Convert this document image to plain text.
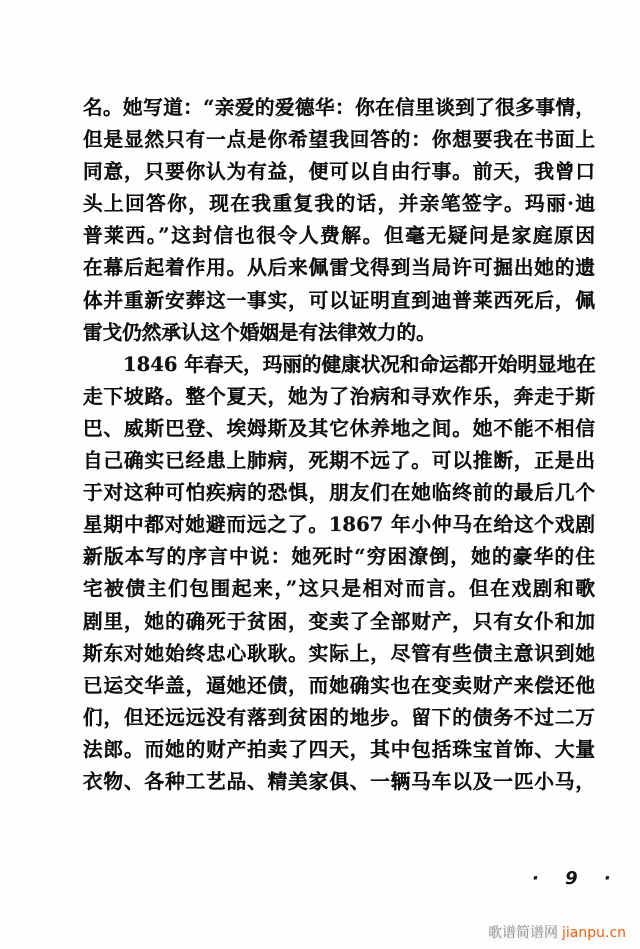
名。她写道：“亲爱的爱德华：你在信里谈到了很多事情，
但是显然只有一点是你希望我回答的：你想要我在书面上
同意，只要你认为有益，便可以自由行事。前天，我曾口
头上回答你，现在我重复我的话，并亲笔签字。玛丽·迪
普莱西。”这封信也很令人费解。但毫无疑问是家庭原因
在幕后起着作用。从后来佩雷戈得到当局许可掘出她的遗
体并重新安葬这一事实，可以证明直到迪普莱西死后，佩
雷戈仍然承认这个婚姻是有法律效力的。
1846 年春天，玛丽的健康状况和命运都开始明显地在
走下坡路。整个夏天，她为了治病和寻欢作乐，奔走于斯
巴、威斯巴登、埃姆斯及其它休养地之间。她不能不相信
自己确实已经患上肺病，死期不远了。可以推断，正是出
于对这种可怕疾病的恐惧，朋友们在她临终前的最后几个
星期中都对她避而远之了。1867 年小仲马在给这个戏剧
新版本写的序言中说：她死时“穷困潦倒，她的豪华的住
宅被债主们包围起来，”这只是相对而言。但在戏剧和歌
剧里，她的确死于贫困，变卖了全部财产，只有女仆和加
斯东对她始终忠心耿耿。实际上，尽管有些债主意识到她
已运交华盖，逼她还债，而她确实也在变卖财产来偿还他
们，但还远远没有落到贫困的地步。留下的债务不过二万
法郎。而她的财产拍卖了四天，其中包括珠宝首饰、大量
衣物、各种工艺品、精美家俱、一辆马车以及一匹小马，
· 9 ·
歌谱简谱网 jianpu.cn
